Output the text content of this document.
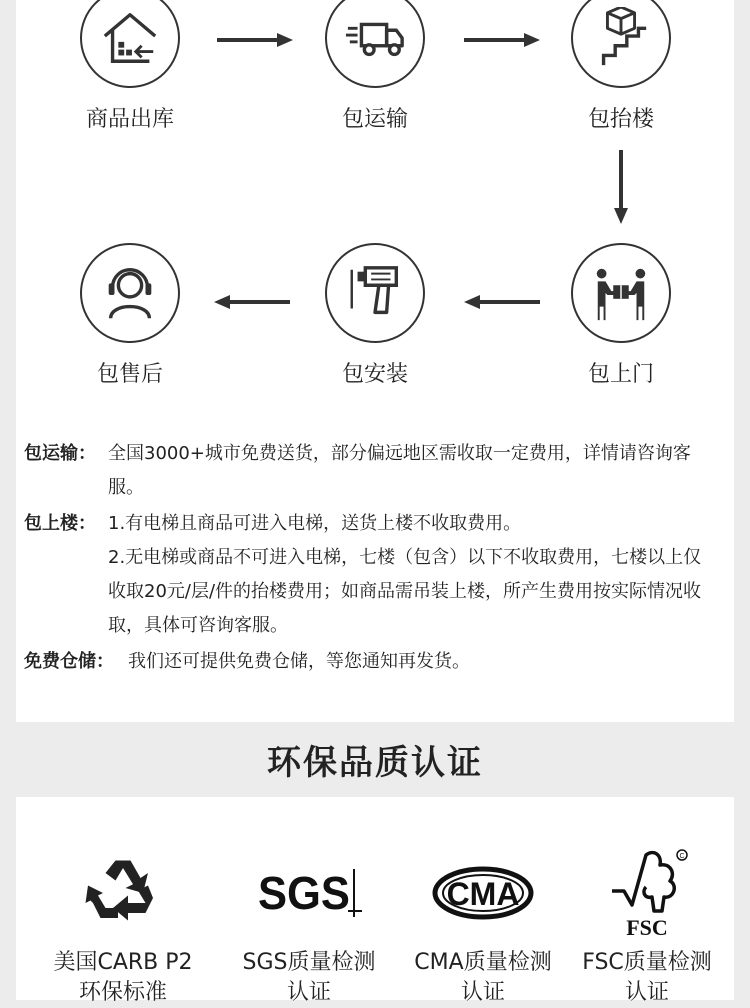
商品出库	包运输	包抬楼
包售后	包安装	包上门
包运输： 全国3000+城市免费送货，部分偏远地区需收取一定费用，详情请咨询客服。

包上楼： 1.有电梯且商品可进入电梯，送货上楼不收取费用。

2.无电梯或商品不可进入电梯，七楼（包含）以下不收取费用，七楼以上仅收取20元/层/件的抬楼费用；如商品需吊装上楼，所产生费用按实际情况收取，具体可咨询客服。

免费仓储： 我们还可提供免费仓储，等您通知再发货。

环保品质认证
美国CARB P2环保标准
SGS
SGS质量检测认证
CMA
CMA质量检测认证
C
FSC
FSC质量检测认证
